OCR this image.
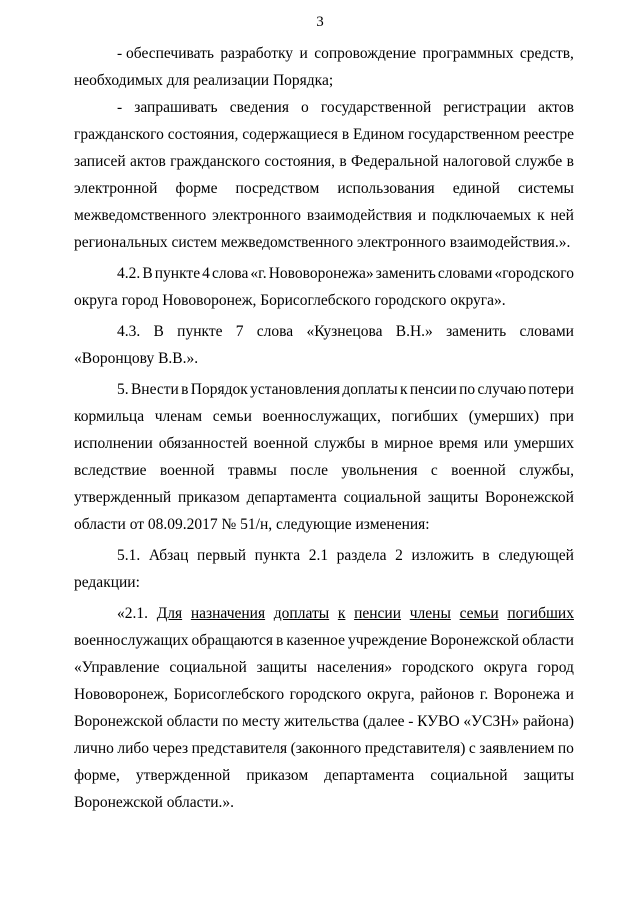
3
- обеспечивать разработку и сопровождение программных средств,
необходимых для реализации Порядка;
- запрашивать сведения о государственной регистрации актов
гражданского состояния, содержащиеся в Едином государственном реестре
записей актов гражданского состояния, в Федеральной налоговой службе в
электронной форме посредством использования единой системы
межведомственного электронного взаимодействия и подключаемых к ней
региональных систем межведомственного электронного взаимодействия.».
4.2. В пункте 4 слова «г. Нововоронежа» заменить словами «городского
округа город Нововоронеж, Борисоглебского городского округа».
4.3. В пункте 7 слова «Кузнецова В.Н.» заменить словами
«Воронцову В.В.».
5. Внести в Порядок установления доплаты к пенсии по случаю потери
кормильца членам семьи военнослужащих, погибших (умерших) при
исполнении обязанностей военной службы в мирное время или умерших
вследствие военной травмы после увольнения с военной службы,
утвержденный приказом департамента социальной защиты Воронежской
области от 08.09.2017 № 51/н, следующие изменения:
5.1. Абзац первый пункта 2.1 раздела 2 изложить в следующей
редакции:
«2.1. Для назначения доплаты к пенсии члены семьи погибших
военнослужащих обращаются в казенное учреждение Воронежской области
«Управление социальной защиты населения» городского округа город
Нововоронеж, Борисоглебского городского округа, районов г. Воронежа и
Воронежской области по месту жительства (далее - КУВО «УСЗН» района)
лично либо через представителя (законного представителя) с заявлением по
форме, утвержденной приказом департамента социальной защиты
Воронежской области.».
